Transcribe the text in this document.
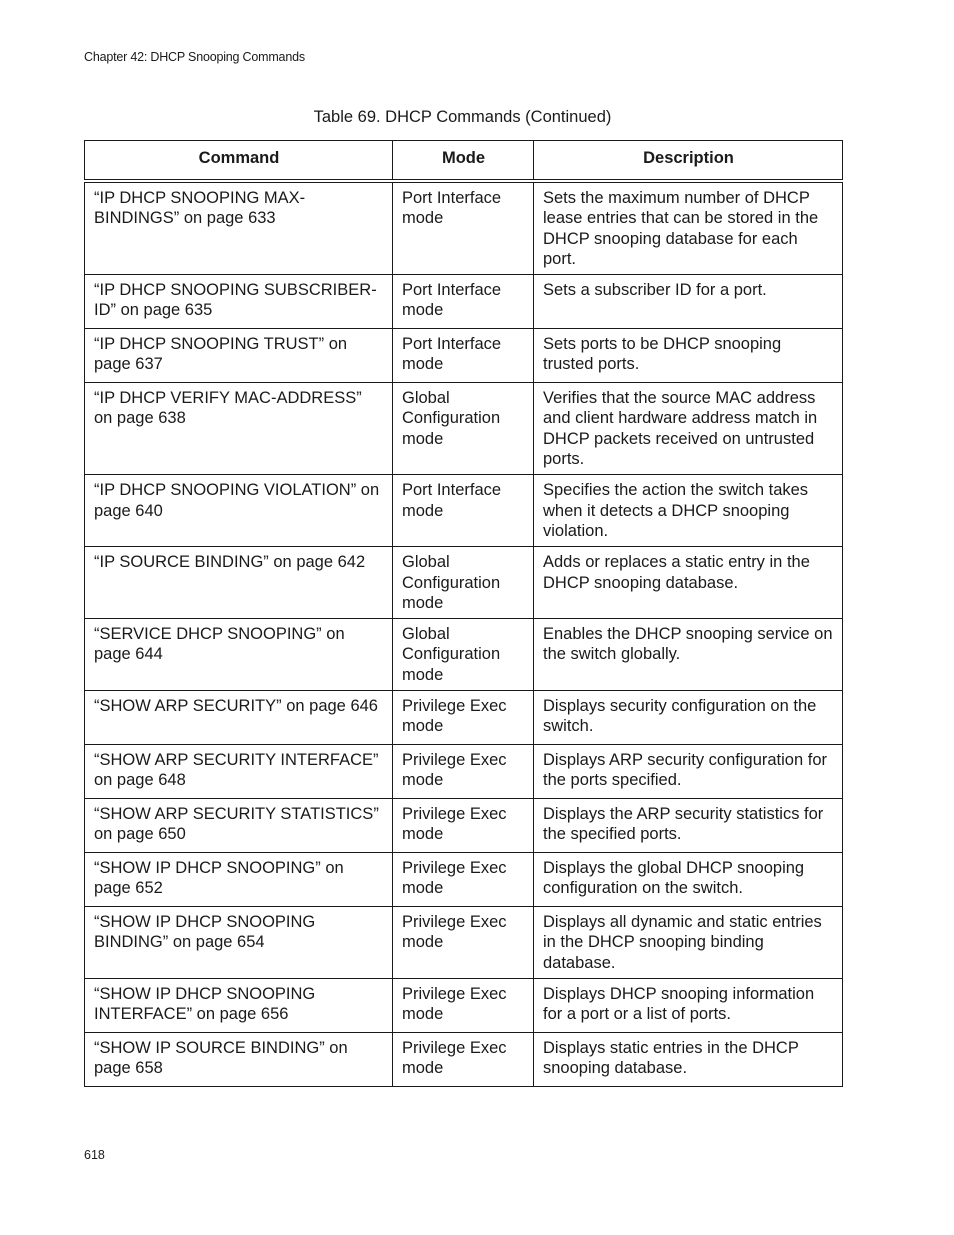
Chapter 42: DHCP Snooping Commands
Table 69. DHCP Commands (Continued)
Command	Mode	Description
“IP DHCP SNOOPING MAX-BINDINGS” on page 633	Port Interface mode	Sets the maximum number of DHCP lease entries that can be stored in the DHCP snooping database for each port.
“IP DHCP SNOOPING SUBSCRIBER-ID” on page 635	Port Interface mode	Sets a subscriber ID for a port.
“IP DHCP SNOOPING TRUST” on page 637	Port Interface mode	Sets ports to be DHCP snooping trusted ports.
“IP DHCP VERIFY MAC-ADDRESS” on page 638	Global Configuration mode	Verifies that the source MAC address and client hardware address match in DHCP packets received on untrusted ports.
“IP DHCP SNOOPING VIOLATION” on page 640	Port Interface mode	Specifies the action the switch takes when it detects a DHCP snooping violation.
“IP SOURCE BINDING” on page 642	Global Configuration mode	Adds or replaces a static entry in the DHCP snooping database.
“SERVICE DHCP SNOOPING” on page 644	Global Configuration mode	Enables the DHCP snooping service on the switch globally.
“SHOW ARP SECURITY” on page 646	Privilege Exec mode	Displays security configuration on the switch.
“SHOW ARP SECURITY INTERFACE” on page 648	Privilege Exec mode	Displays ARP security configuration for the ports specified.
“SHOW ARP SECURITY STATISTICS” on page 650	Privilege Exec mode	Displays the ARP security statistics for the specified ports.
“SHOW IP DHCP SNOOPING” on page 652	Privilege Exec mode	Displays the global DHCP snooping configuration on the switch.
“SHOW IP DHCP SNOOPING BINDING” on page 654	Privilege Exec mode	Displays all dynamic and static entries in the DHCP snooping binding database.
“SHOW IP DHCP SNOOPING INTERFACE” on page 656	Privilege Exec mode	Displays DHCP snooping information for a port or a list of ports.
“SHOW IP SOURCE BINDING” on page 658	Privilege Exec mode	Displays static entries in the DHCP snooping database.
618
